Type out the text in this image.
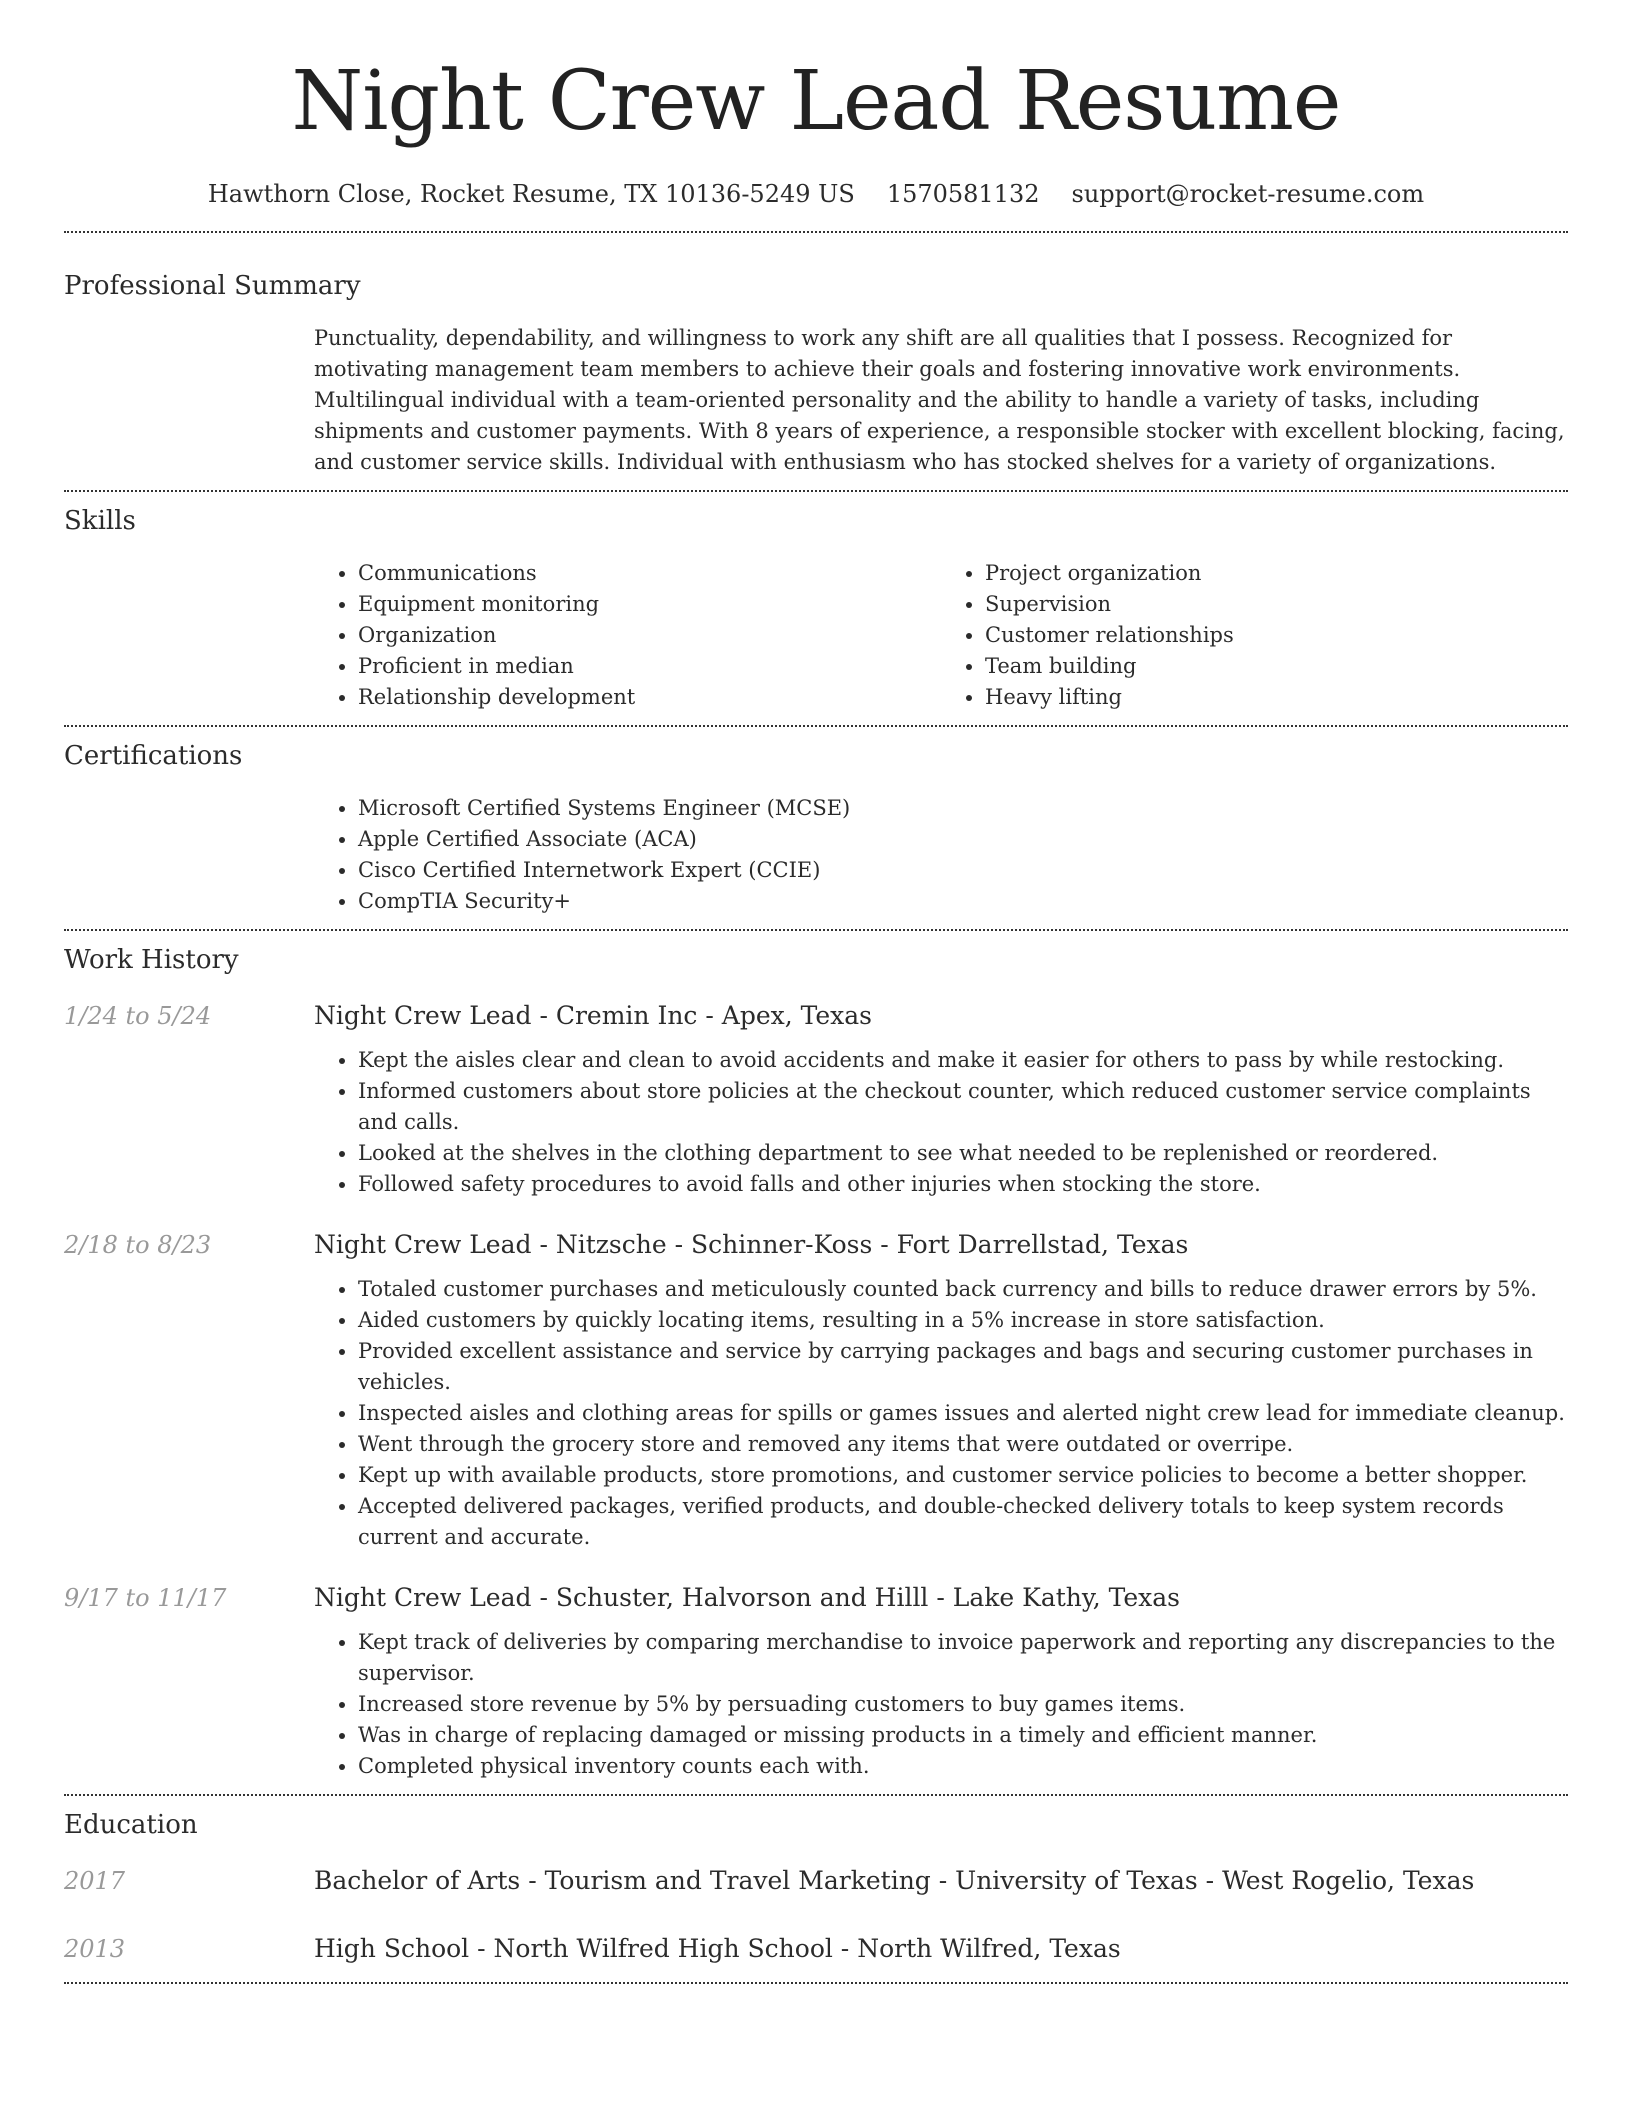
Night Crew Lead Resume
Hawthorn Close, Rocket Resume, TX 10136-5249 US 1570581132 support@rocket-resume.com
Professional Summary

Punctuality, dependability, and willingness to work any shift are all qualities that I possess. Recognized for motivating management team members to achieve their goals and fostering innovative work environments. Multilingual individual with a team-oriented personality and the ability to handle a variety of tasks, including shipments and customer payments. With 8 years of experience, a responsible stocker with excellent blocking, facing, and customer service skills. Individual with enthusiasm who has stocked shelves for a variety of organizations.

Skills
• Communications
• Equipment monitoring
• Organization
• Proficient in median
• Relationship development
• Project organization
• Supervision
• Customer relationships
• Team building
• Heavy lifting
Certifications
• Microsoft Certified Systems Engineer (MCSE)
• Apple Certified Associate (ACA)
• Cisco Certified Internetwork Expert (CCIE)
• CompTIA Security+
Work History
1/24 to 5/24	Night Crew Lead - Cremin Inc - Apex, Texas
• Kept the aisles clear and clean to avoid accidents and make it easier for others to pass by while restocking.
• Informed customers about store policies at the checkout counter, which reduced customer service complaints and calls.
• Looked at the shelves in the clothing department to see what needed to be replenished or reordered.
• Followed safety procedures to avoid falls and other injuries when stocking the store.
2/18 to 8/23	Night Crew Lead - Nitzsche - Schinner-Koss - Fort Darrellstad, Texas
• Totaled customer purchases and meticulously counted back currency and bills to reduce drawer errors by 5%.
• Aided customers by quickly locating items, resulting in a 5% increase in store satisfaction.
• Provided excellent assistance and service by carrying packages and bags and securing customer purchases in vehicles.
• Inspected aisles and clothing areas for spills or games issues and alerted night crew lead for immediate cleanup.
• Went through the grocery store and removed any items that were outdated or overripe.
• Kept up with available products, store promotions, and customer service policies to become a better shopper.
• Accepted delivered packages, verified products, and double-checked delivery totals to keep system records current and accurate.
9/17 to 11/17	Night Crew Lead - Schuster, Halvorson and Hilll - Lake Kathy, Texas
• Kept track of deliveries by comparing merchandise to invoice paperwork and reporting any discrepancies to the supervisor.
• Increased store revenue by 5% by persuading customers to buy games items.
• Was in charge of replacing damaged or missing products in a timely and efficient manner.
• Completed physical inventory counts each with.
Education
2017	Bachelor of Arts - Tourism and Travel Marketing - University of Texas - West Rogelio, Texas
2013	High School - North Wilfred High School - North Wilfred, Texas
